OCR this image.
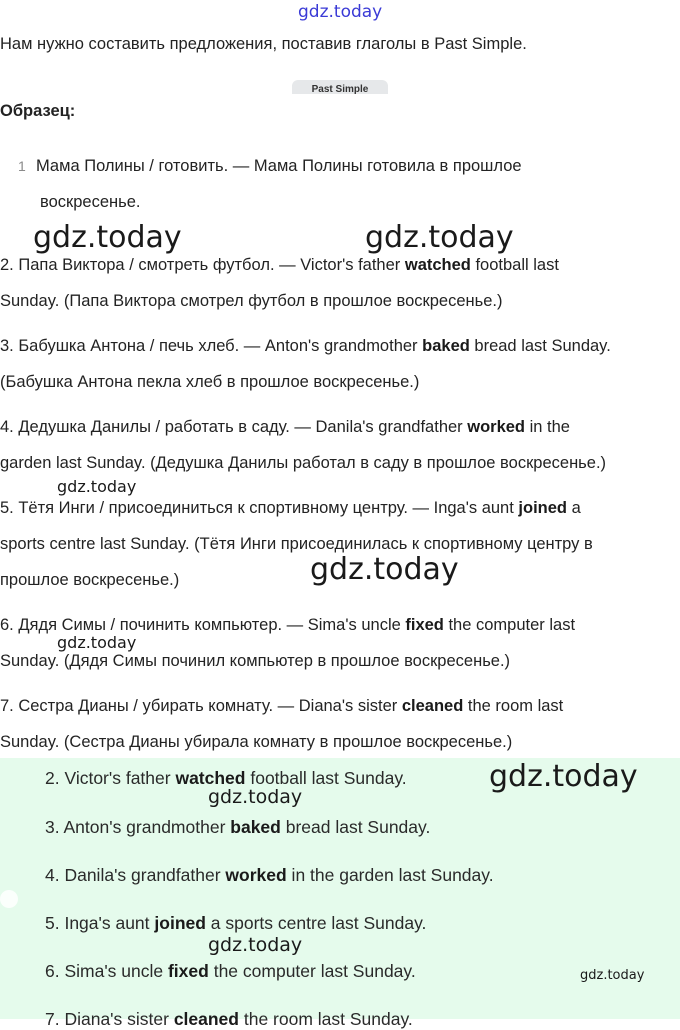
gdz.today
Нам нужно составить предложения, поставив глаголы в Past Simple.
Past Simple
Образец:
1 Мама Полины / готовить. — Мама Полины готовила в прошлое
воскресенье.
gdz.today	gdz.today
2. Папа Виктора / смотреть футбол. — Victor's father watched football last
Sunday. (Папа Виктора смотрел футбол в прошлое воскресенье.)
3. Бабушка Антона / печь хлеб. — Anton's grandmother baked bread last Sunday.
(Бабушка Антона пекла хлеб в прошлое воскресенье.)
4. Дедушка Данилы / работать в саду. — Danila's grandfather worked in the
garden last Sunday. (Дедушка Данилы работал в саду в прошлое воскресенье.)
gdz.today
5. Тётя Инги / присоединиться к спортивному центру. — Inga's aunt joined a
sports centre last Sunday. (Тётя Инги присоединилась к спортивному центру в
прошлое воскресенье.)	gdz.today
6. Дядя Симы / починить компьютер. — Sima's uncle fixed the computer last
gdz.today
Sunday. (Дядя Симы починил компьютер в прошлое воскресенье.)
7. Сестра Дианы / убирать комнату. — Diana's sister cleaned the room last
Sunday. (Сестра Дианы убирала комнату в прошлое воскресенье.)
2. Victor's father watched football last Sunday.	gdz.today
gdz.today
3. Anton's grandmother baked bread last Sunday.
4. Danila's grandfather worked in the garden last Sunday.
5. Inga's aunt joined a sports centre last Sunday.
gdz.today
6. Sima's uncle fixed the computer last Sunday.	gdz.today
7. Diana's sister cleaned the room last Sunday.
